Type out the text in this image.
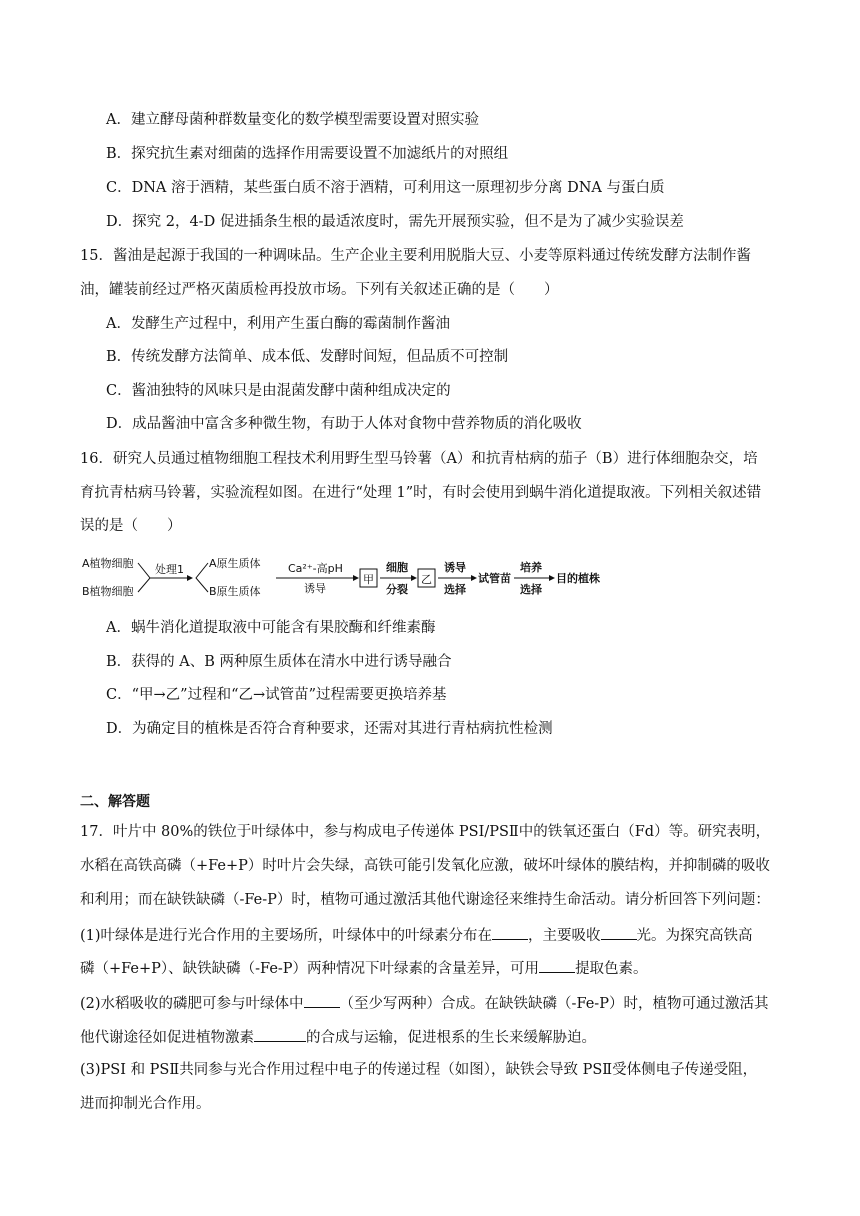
A．建立酵母菌种群数量变化的数学模型需要设置对照实验
B．探究抗生素对细菌的选择作用需要设置不加滤纸片的对照组
C．DNA 溶于酒精，某些蛋白质不溶于酒精，可利用这一原理初步分离 DNA 与蛋白质
D．探究 2，4-D 促进插条生根的最适浓度时，需先开展预实验，但不是为了减少实验误差
15．酱油是起源于我国的一种调味品。生产企业主要利用脱脂大豆、小麦等原料通过传统发酵方法制作酱
油，罐装前经过严格灭菌质检再投放市场。下列有关叙述正确的是（　　）
A．发酵生产过程中，利用产生蛋白酶的霉菌制作酱油
B．传统发酵方法简单、成本低、发酵时间短，但品质不可控制
C．酱油独特的风味只是由混菌发酵中菌种组成决定的
D．成品酱油中富含多种微生物，有助于人体对食物中营养物质的消化吸收
16．研究人员通过植物细胞工程技术利用野生型马铃薯（A）和抗青枯病的茄子（B）进行体细胞杂交，培
育抗青枯病马铃薯，实验流程如图。在进行“处理 1”时，有时会使用到蜗牛消化道提取液。下列相关叙述错
误的是（　　）
A植物细胞
B植物细胞
处理1 A原生质体
B原生质体
Ca²⁺-高pH
诱导
甲
细胞
分裂
乙
诱导
选择
试管苗
培养
选择
目的植株
A．蜗牛消化道提取液中可能含有果胶酶和纤维素酶
B．获得的 A、B 两种原生质体在清水中进行诱导融合
C．“甲→乙”过程和“乙→试管苗”过程需要更换培养基
D．为确定目的植株是否符合育种要求，还需对其进行青枯病抗性检测
二、解答题
17．叶片中 80%的铁位于叶绿体中，参与构成电子传递体 PSI/PSⅡ中的铁氧还蛋白（Fd）等。研究表明，
水稻在高铁高磷（+Fe+P）时叶片会失绿，高铁可能引发氧化应激，破坏叶绿体的膜结构，并抑制磷的吸收
和利用；而在缺铁缺磷（-Fe-P）时，植物可通过激活其他代谢途径来维持生命活动。请分析回答下列问题：
(1)叶绿体是进行光合作用的主要场所，叶绿体中的叶绿素分布在 ，主要吸收 光。为探究高铁高
磷（+Fe+P）、缺铁缺磷（-Fe-P）两种情况下叶绿素的含量差异，可用 提取色素。
(2)水稻吸收的磷肥可参与叶绿体中 （至少写两种）合成。在缺铁缺磷（-Fe-P）时，植物可通过激活其
他代谢途径如促进植物激素	的合成与运输，促进根系的生长来缓解胁迫。
(3)PSI 和 PSⅡ共同参与光合作用过程中电子的传递过程（如图），缺铁会导致 PSⅡ受体侧电子传递受阻，
进而抑制光合作用。
